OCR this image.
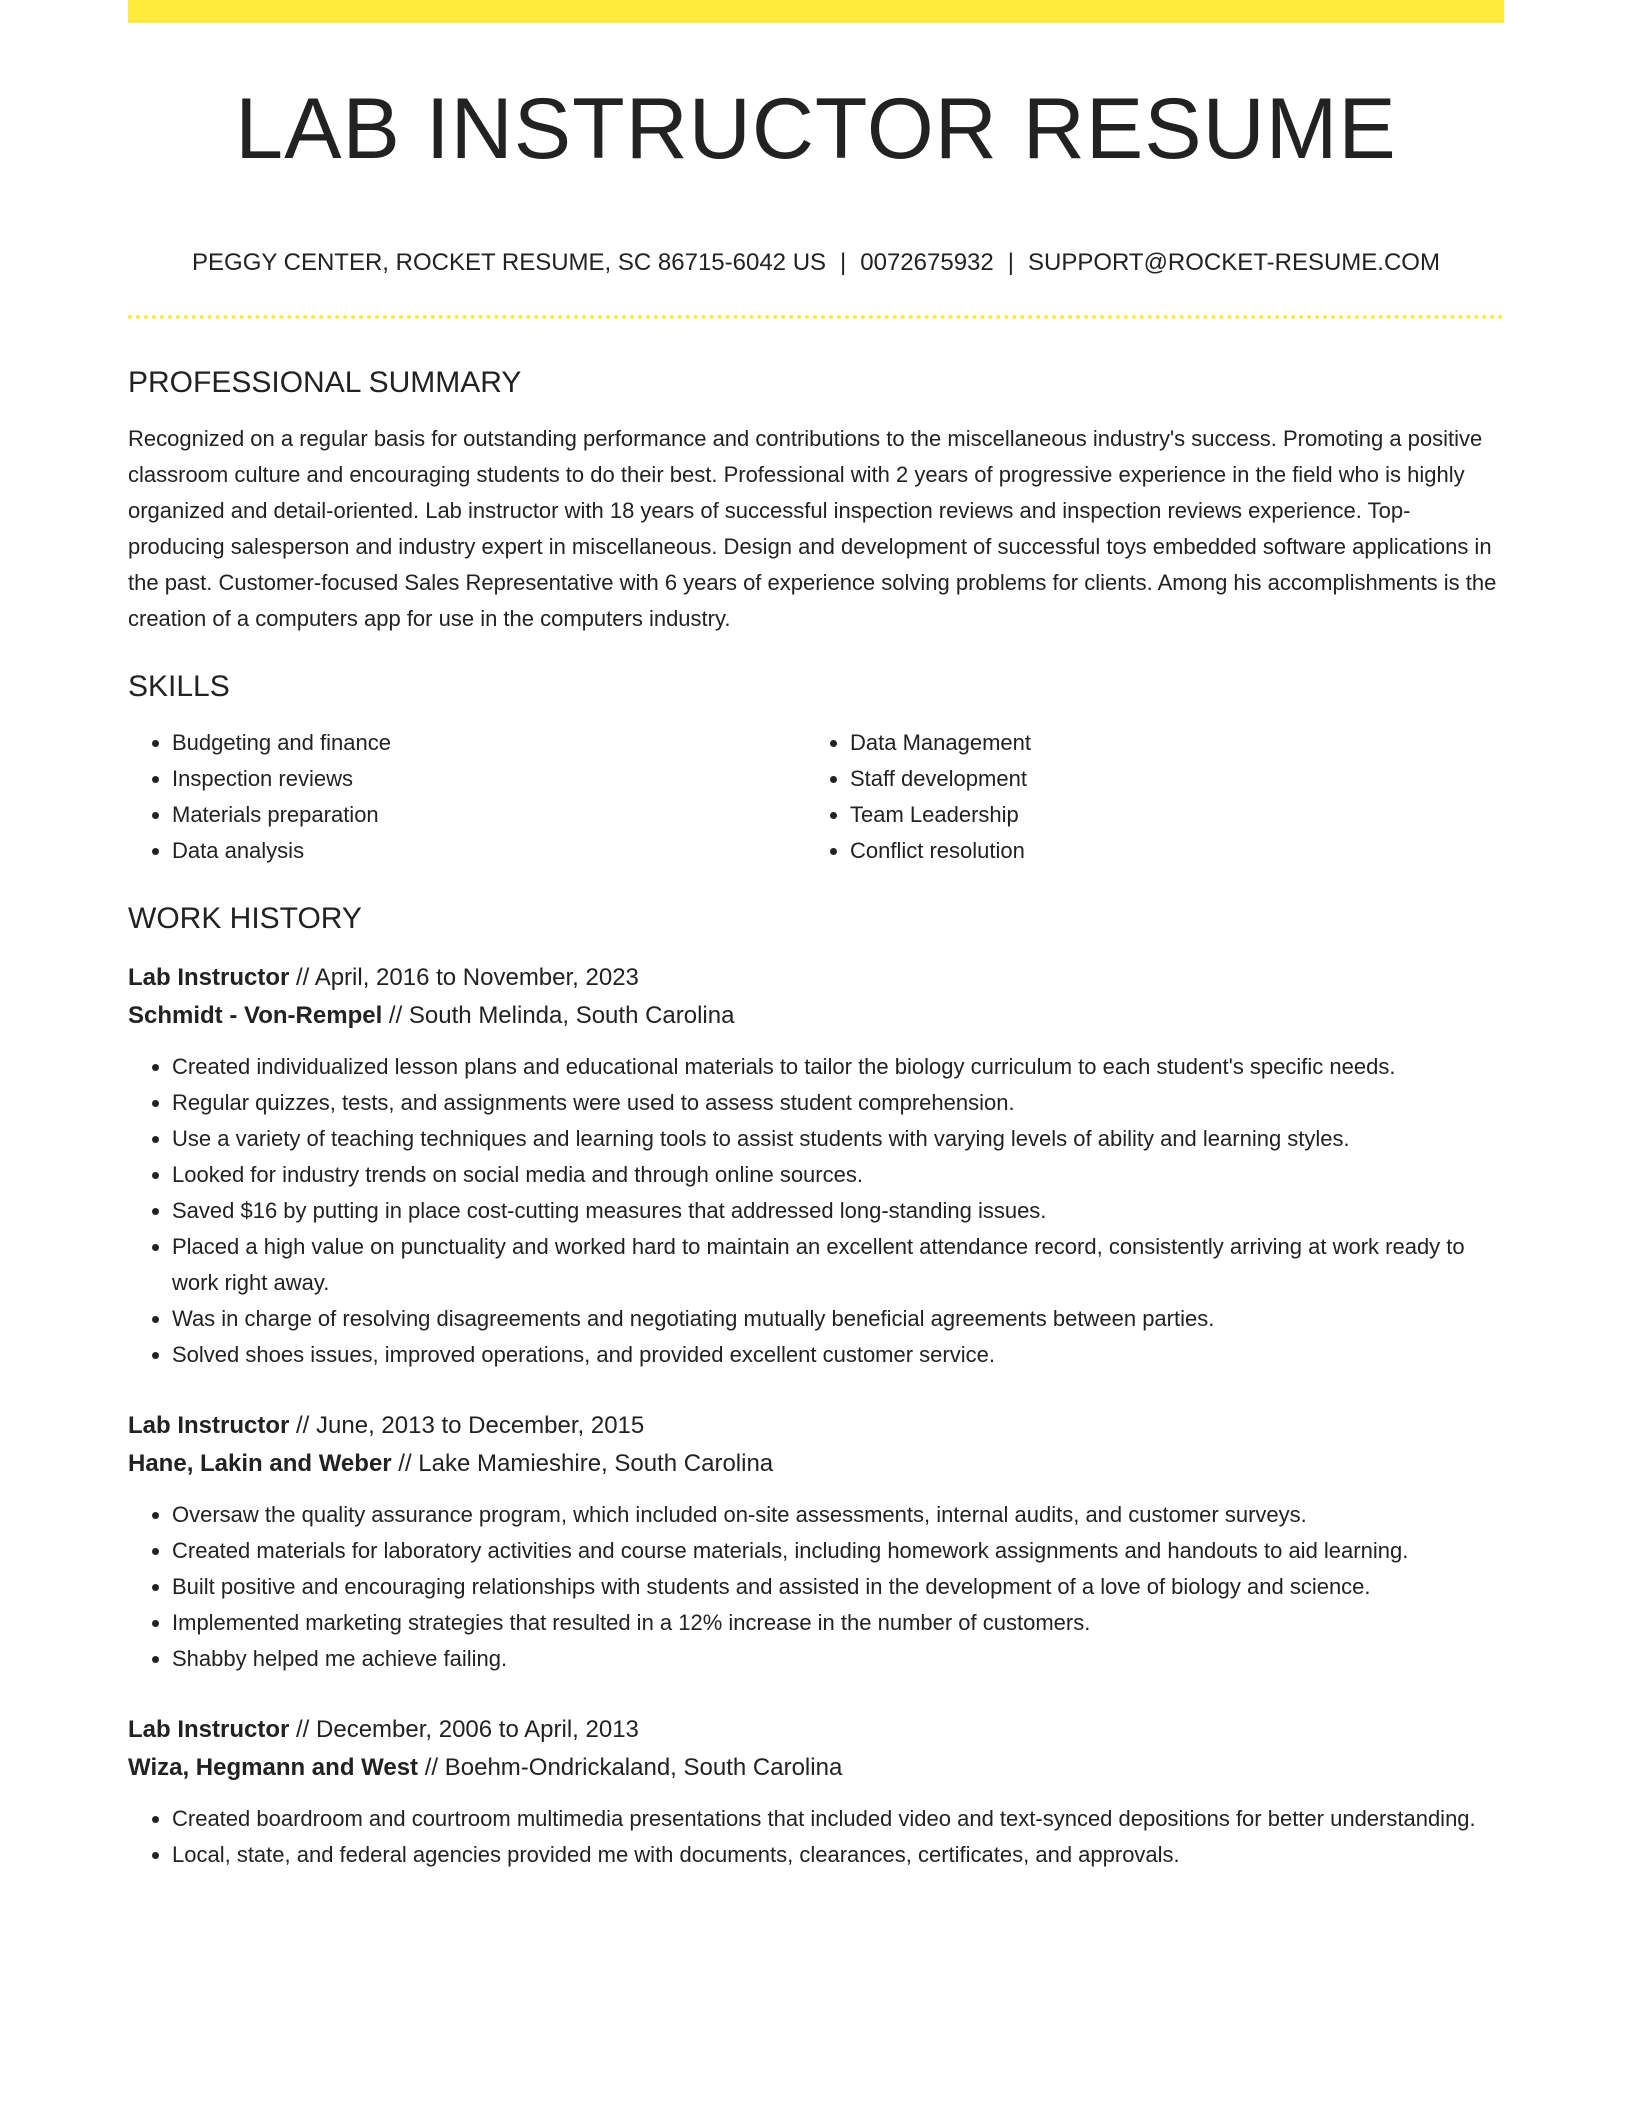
LAB INSTRUCTOR RESUME
PEGGY CENTER, ROCKET RESUME, SC 86715-6042 US | 0072675932 | SUPPORT@ROCKET-RESUME.COM
PROFESSIONAL SUMMARY
Recognized on a regular basis for outstanding performance and contributions to the miscellaneous industry's success. Promoting a positive classroom culture and encouraging students to do their best. Professional with 2 years of progressive experience in the field who is highly organized and detail-oriented. Lab instructor with 18 years of successful inspection reviews and inspection reviews experience. Top-producing salesperson and industry expert in miscellaneous. Design and development of successful toys embedded software applications in the past. Customer-focused Sales Representative with 6 years of experience solving problems for clients. Among his accomplishments is the creation of a computers app for use in the computers industry.
SKILLS
• Budgeting and finance
• Inspection reviews
• Materials preparation
• Data analysis
• Data Management
• Staff development
• Team Leadership
• Conflict resolution
WORK HISTORY
Lab Instructor // April, 2016 to November, 2023
Schmidt - Von-Rempel // South Melinda, South Carolina
• Created individualized lesson plans and educational materials to tailor the biology curriculum to each student's specific needs.
• Regular quizzes, tests, and assignments were used to assess student comprehension.
• Use a variety of teaching techniques and learning tools to assist students with varying levels of ability and learning styles.
• Looked for industry trends on social media and through online sources.
• Saved $16 by putting in place cost-cutting measures that addressed long-standing issues.
• Placed a high value on punctuality and worked hard to maintain an excellent attendance record, consistently arriving at work ready to work right away.
• Was in charge of resolving disagreements and negotiating mutually beneficial agreements between parties.
• Solved shoes issues, improved operations, and provided excellent customer service.
Lab Instructor // June, 2013 to December, 2015
Hane, Lakin and Weber // Lake Mamieshire, South Carolina
• Oversaw the quality assurance program, which included on-site assessments, internal audits, and customer surveys.
• Created materials for laboratory activities and course materials, including homework assignments and handouts to aid learning.
• Built positive and encouraging relationships with students and assisted in the development of a love of biology and science.
• Implemented marketing strategies that resulted in a 12% increase in the number of customers.
• Shabby helped me achieve failing.
Lab Instructor // December, 2006 to April, 2013
Wiza, Hegmann and West // Boehm-Ondrickaland, South Carolina
• Created boardroom and courtroom multimedia presentations that included video and text-synced depositions for better understanding.
• Local, state, and federal agencies provided me with documents, clearances, certificates, and approvals.
